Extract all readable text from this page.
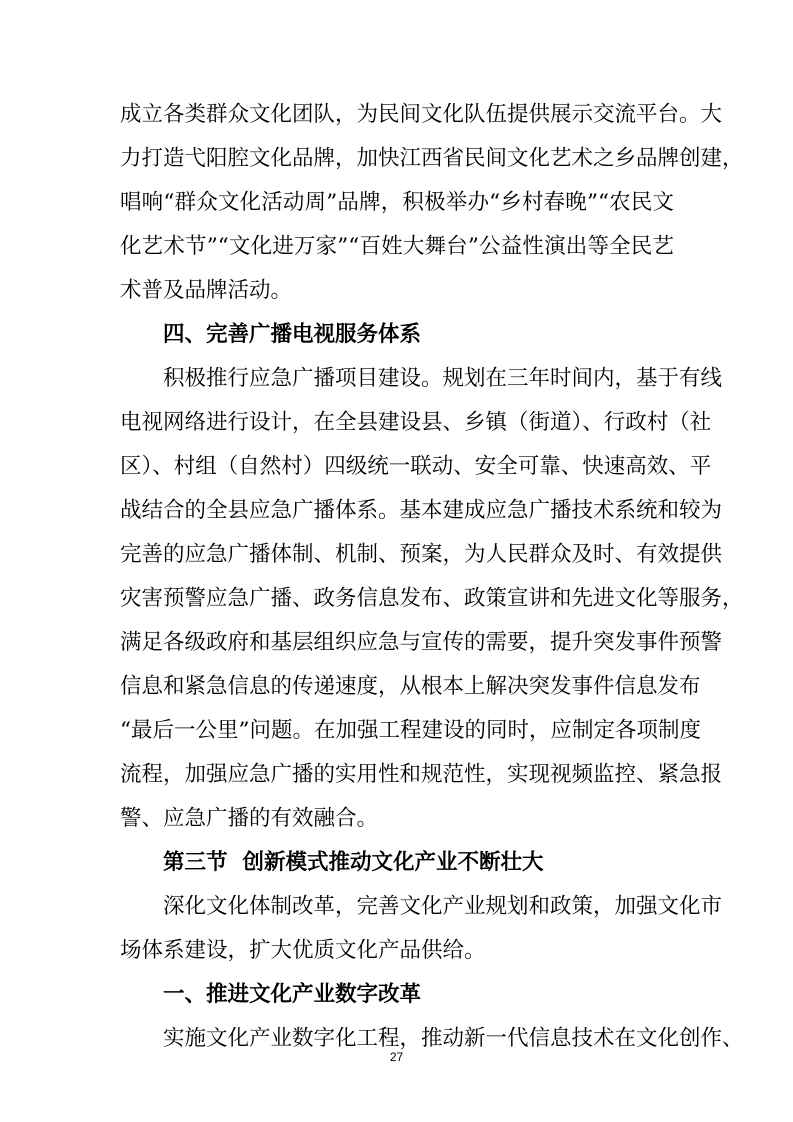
成立各类群众文化团队，为民间文化队伍提供展示交流平台。大

力打造弋阳腔文化品牌，加快江西省民间文化艺术之乡品牌创建，

唱响“群众文化活动周”品牌，积极举办“乡村春晚”“农民文

化艺术节”“文化进万家”“百姓大舞台”公益性演出等全民艺

术普及品牌活动。

四、完善广播电视服务体系

积极推行应急广播项目建设。规划在三年时间内，基于有线

电视网络进行设计，在全县建设县、乡镇（街道）、行政村（社

区）、村组（自然村）四级统一联动、安全可靠、快速高效、平

战结合的全县应急广播体系。基本建成应急广播技术系统和较为

完善的应急广播体制、机制、预案，为人民群众及时、有效提供

灾害预警应急广播、政务信息发布、政策宣讲和先进文化等服务，

满足各级政府和基层组织应急与宣传的需要，提升突发事件预警

信息和紧急信息的传递速度，从根本上解决突发事件信息发布

“最后一公里”问题。在加强工程建设的同时，应制定各项制度

流程，加强应急广播的实用性和规范性，实现视频监控、紧急报

警、应急广播的有效融合。

第三节  创新模式推动文化产业不断壮大

深化文化体制改革，完善文化产业规划和政策，加强文化市

场体系建设，扩大优质文化产品供给。

一、推进文化产业数字改革

实施文化产业数字化工程，推动新一代信息技术在文化创作、

27
